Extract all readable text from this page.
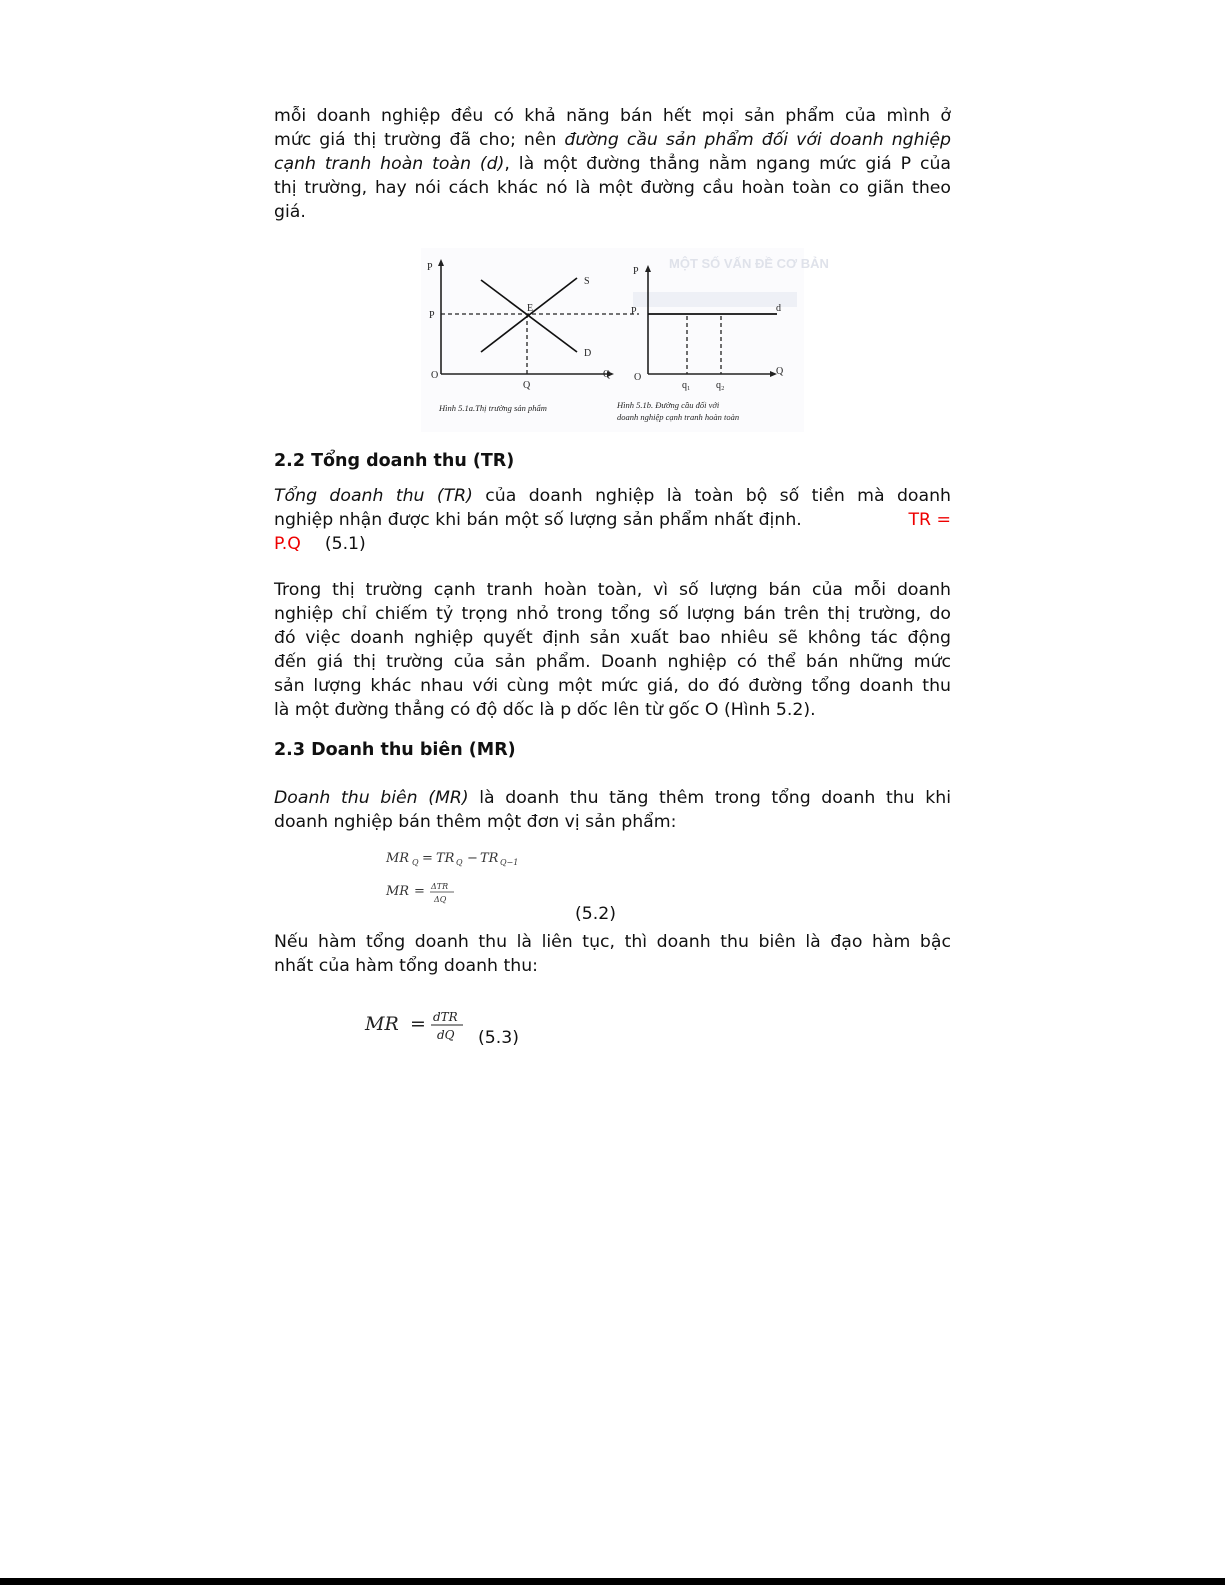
mỗi doanh nghiệp đều có khả năng bán hết mọi sản phẩm của mình ở

mức giá thị trường đã cho; nên đường cầu sản phẩm đối với doanh nghiệp

cạnh tranh hoàn toàn (d), là một đường thẳng nằm ngang mức giá P của

thị trường, hay nói cách khác nó là một đường cầu hoàn toàn co giãn theo

giá.

MỘT SỐ VẤN ĐỀ CƠ BẢN
P
O	Q
P
S
D
E
Q
Hình 5.1a.Thị trường sản phẩm
P
O
Q
P	d
q₁	q₂
Hình 5.1b. Đường cầu đối với
doanh nghiệp cạnh tranh hoàn toàn

2.2 Tổng doanh thu (TR)

Tổng doanh thu (TR) của doanh nghiệp là toàn bộ số tiền mà doanh

nghiệp nhận được khi bán một số lượng sản phẩm nhất định.	TR =

P.Q (5.1)

Trong thị trường cạnh tranh hoàn toàn, vì số lượng bán của mỗi doanh

nghiệp chỉ chiếm tỷ trọng nhỏ trong tổng số lượng bán trên thị trường, do

đó việc doanh nghiệp quyết định sản xuất bao nhiêu sẽ không tác động

đến giá thị trường của sản phẩm. Doanh nghiệp có thể bán những mức

sản lượng khác nhau với cùng một mức giá, do đó đường tổng doanh thu

là một đường thẳng có độ dốc là p dốc lên từ gốc O (Hình 5.2).

2.3 Doanh thu biên (MR)

Doanh thu biên (MR) là doanh thu tăng thêm trong tổng doanh thu khi

doanh nghiệp bán thêm một đơn vị sản phẩm:

MR Q = TR Q − TR Q−1
MR = ΔTR
ΔQ
(5.2)

Nếu hàm tổng doanh thu là liên tục, thì doanh thu biên là đạo hàm bậc

nhất của hàm tổng doanh thu:

MR = dTR
dQ (5.3)
